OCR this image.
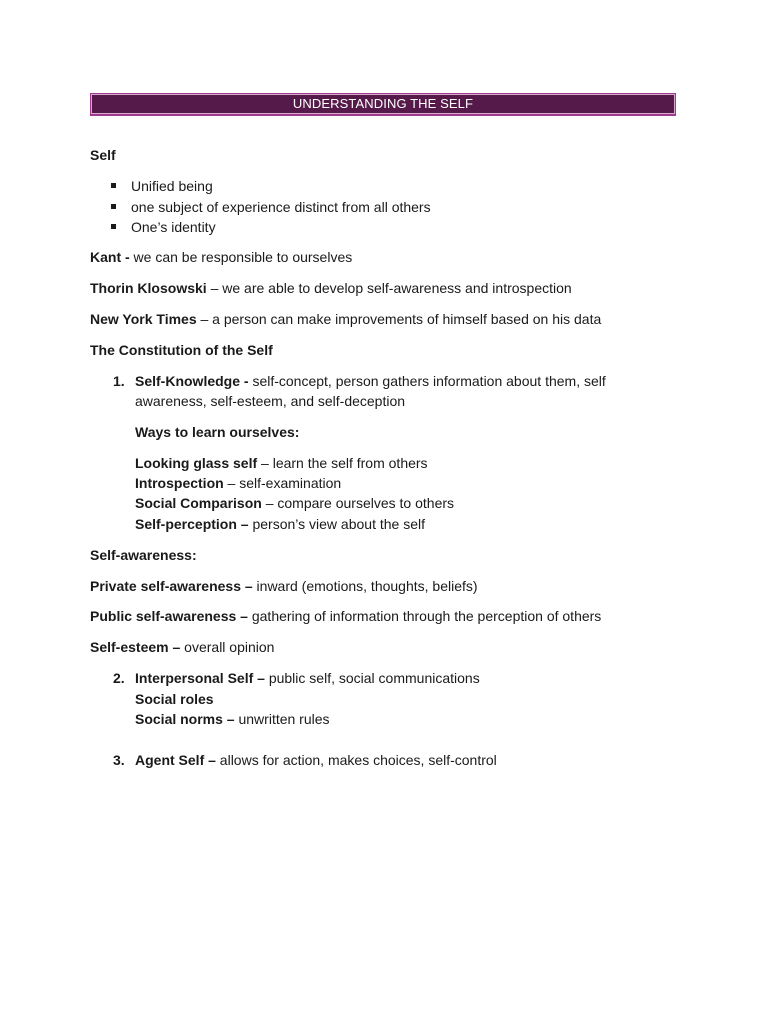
UNDERSTANDING THE SELF
Self
Unified being
one subject of experience distinct from all others
One’s identity
Kant - we can be responsible to ourselves
Thorin Klosowski – we are able to develop self-awareness and introspection
New York Times – a person can make improvements of himself based on his data
The Constitution of the Self
1. Self-Knowledge - self-concept, person gathers information about them, self
awareness, self-esteem, and self-deception
Ways to learn ourselves:
Looking glass self – learn the self from others
Introspection – self-examination
Social Comparison – compare ourselves to others
Self-perception – person’s view about the self
Self-awareness:
Private self-awareness – inward (emotions, thoughts, beliefs)
Public self-awareness – gathering of information through the perception of others
Self-esteem – overall opinion
2. Interpersonal Self – public self, social communications
Social roles
Social norms – unwritten rules
3. Agent Self – allows for action, makes choices, self-control
